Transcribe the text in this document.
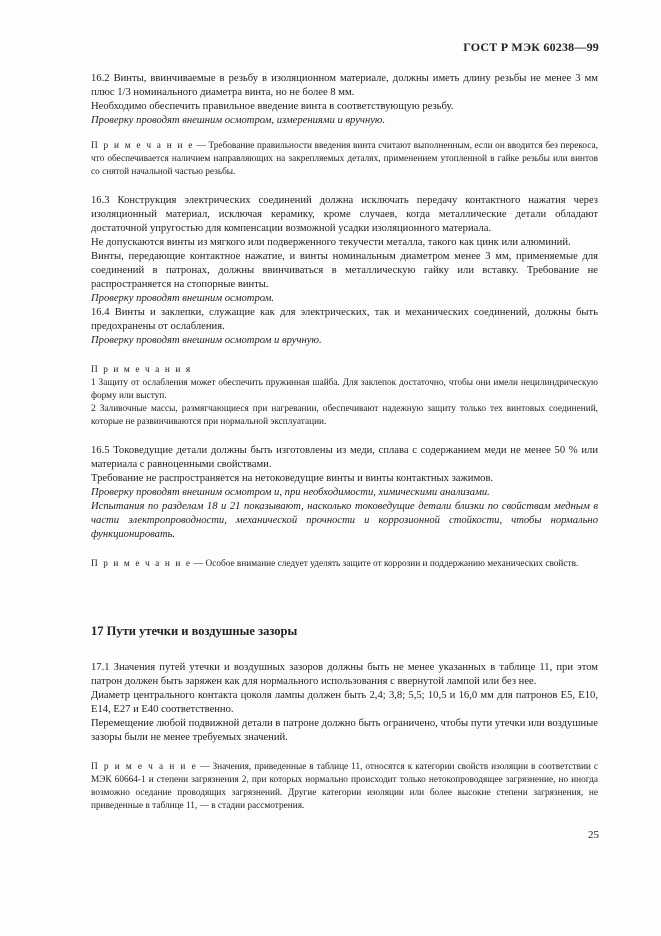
ГОСТ Р МЭК 60238—99

16.2 Винты, ввинчиваемые в резьбу в изоляционном материале, должны иметь длину резьбы не менее 3 мм плюс 1/3 номинального диаметра винта, но не более 8 мм.

Необходимо обеспечить правильное введение винта в соответствующую резьбу.

Проверку проводят внешним осмотром, измерениями и вручную.

П р и м е ч а н и е — Требование правильности введения винта считают выполненным, если он вводится без перекоса, что обеспечивается наличием направляющих на закрепляемых деталях, применением утопленной в гайке резьбы или винтов со снятой начальной частью резьбы.

16.3 Конструкция электрических соединений должна исключать передачу контактного нажатия через изоляционный материал, исключая керамику, кроме случаев, когда металлические детали обладают достаточной упругостью для компенсации возможной усадки изоляционного материала.

Не допускаются винты из мягкого или подверженного текучести металла, такого как цинк или алюминий.

Винты, передающие контактное нажатие, и винты номинальным диаметром менее 3 мм, применяемые для соединений в патронах, должны ввинчиваться в металлическую гайку или вставку. Требование не распространяется на стопорные винты.

Проверку проводят внешним осмотром.

16.4 Винты и заклепки, служащие как для электрических, так и механических соединений, должны быть предохранены от ослабления.

Проверку проводят внешним осмотром и вручную.

П р и м е ч а н и я

1 Защиту от ослабления может обеспечить пружинная шайба. Для заклепок достаточно, чтобы они имели нецилиндрическую форму или выступ.

2 Заливочные массы, размягчающиеся при нагревании, обеспечивают надежную защиту только тех винтовых соединений, которые не развинчиваются при нормальной эксплуатации.

16.5 Токоведущие детали должны быть изготовлены из меди, сплава с содержанием меди не менее 50 % или материала с равноценными свойствами.

Требование не распространяется на нетоковедущие винты и винты контактных зажимов.

Проверку проводят внешним осмотром и, при необходимости, химическими анализами.

Испытания по разделам 18 и 21 показывают, насколько токоведущие детали близки по свойствам медным в части электропроводности, механической прочности и коррозионной стойкости, чтобы нормально функционировать.

П р и м е ч а н и е — Особое внимание следует уделять защите от коррозии и поддержанию механических свойств.

17 Пути утечки и воздушные зазоры

17.1 Значения путей утечки и воздушных зазоров должны быть не менее указанных в таблице 11, при этом патрон должен быть заряжен как для нормального использования с ввернутой лампой или без нее.

Диаметр центрального контакта цоколя лампы должен быть 2,4; 3,8; 5,5; 10,5 и 16,0 мм для патронов E5, E10, E14, E27 и E40 соответственно.

Перемещение любой подвижной детали в патроне должно быть ограничено, чтобы пути утечки или воздушные зазоры были не менее требуемых значений.

П р и м е ч а н и е — Значения, приведенные в таблице 11, относятся к категории свойств изоляции в соответствии с МЭК 60664-1 и степени загрязнения 2, при которых нормально происходит только нетокопроводящее загрязнение, но иногда возможно оседание проводящих загрязнений. Другие категории изоляции или более высокие степени загрязнения, не приведенные в таблице 11, — в стадии рассмотрения.

25
